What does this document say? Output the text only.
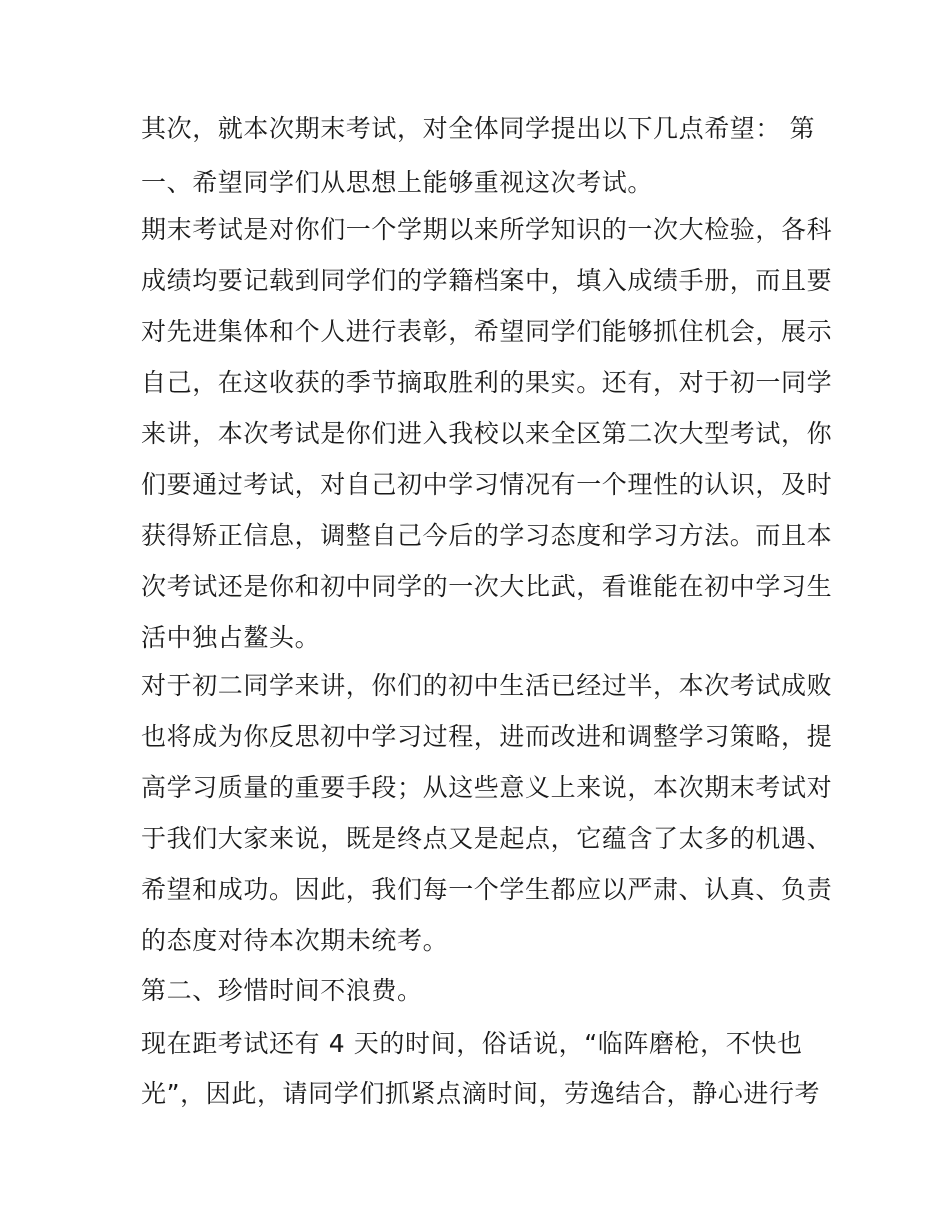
其次，就本次期末考试，对全体同学提出以下几点希望： 第
一、希望同学们从思想上能够重视这次考试。
期末考试是对你们一个学期以来所学知识的一次大检验，各科
成绩均要记载到同学们的学籍档案中，填入成绩手册，而且要
对先进集体和个人进行表彰，希望同学们能够抓住机会，展示
自己，在这收获的季节摘取胜利的果实。还有，对于初一同学
来讲，本次考试是你们进入我校以来全区第二次大型考试，你
们要通过考试，对自己初中学习情况有一个理性的认识，及时
获得矫正信息，调整自己今后的学习态度和学习方法。而且本
次考试还是你和初中同学的一次大比武，看谁能在初中学习生
活中独占鳌头。
对于初二同学来讲，你们的初中生活已经过半，本次考试成败
也将成为你反思初中学习过程，进而改进和调整学习策略，提
高学习质量的重要手段；从这些意义上来说，本次期末考试对
于我们大家来说，既是终点又是起点，它蕴含了太多的机遇、
希望和成功。因此，我们每一个学生都应以严肃、认真、负责
的态度对待本次期未统考。
第二、珍惜时间不浪费。
现在距考试还有 4 天的时间，俗话说，“临阵磨枪，不快也
光”，因此，请同学们抓紧点滴时间，劳逸结合，静心进行考
